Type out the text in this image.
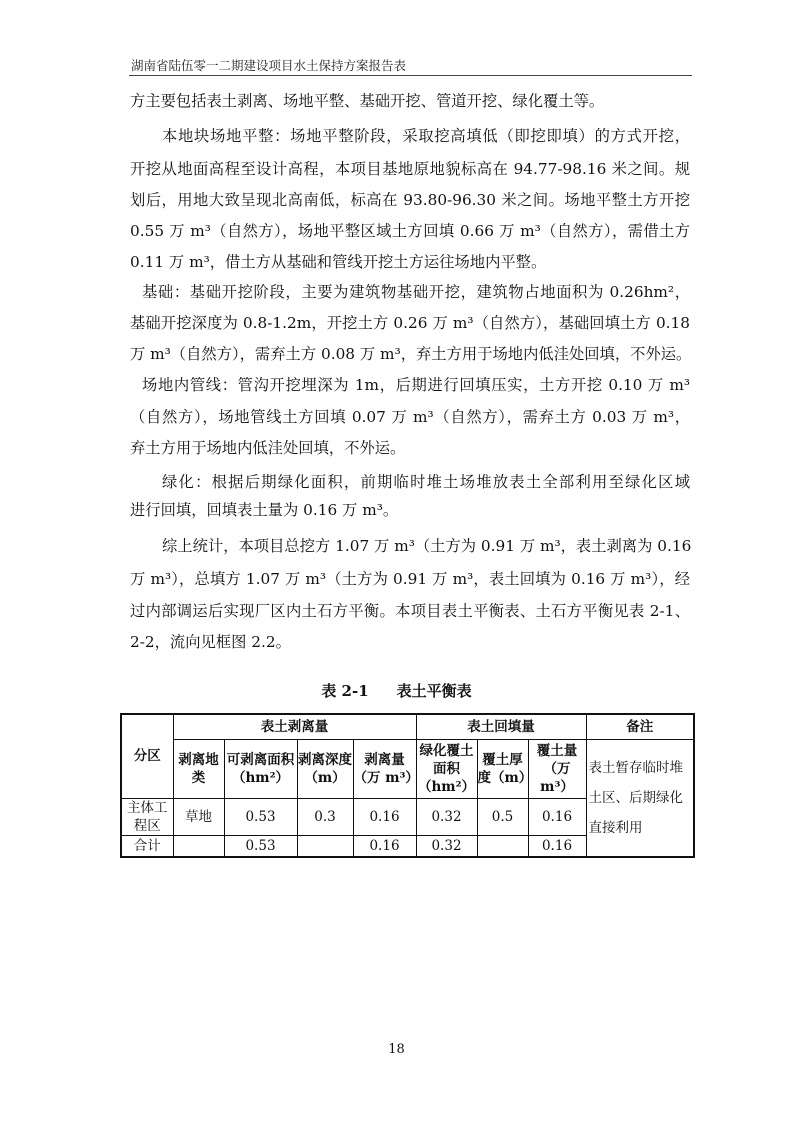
湖南省陆伍零一二期建设项目水土保持方案报告表
方主要包括表土剥离、场地平整、基础开挖、管道开挖、绿化覆土等。
本地块场地平整：场地平整阶段，采取挖高填低（即挖即填）的方式开挖，
开挖从地面高程至设计高程，本项目基地原地貌标高在 94.77-98.16 米之间。规
划后，用地大致呈现北高南低，标高在 93.80-96.30 米之间。场地平整土方开挖
0.55 万 m³（自然方），场地平整区域土方回填 0.66 万 m³（自然方），需借土方
0.11 万 m³，借土方从基础和管线开挖土方运往场地内平整。
基础：基础开挖阶段，主要为建筑物基础开挖，建筑物占地面积为 0.26hm²，
基础开挖深度为 0.8-1.2m，开挖土方 0.26 万 m³（自然方），基础回填土方 0.18
万 m³（自然方），需弃土方 0.08 万 m³，弃土方用于场地内低洼处回填，不外运。
场地内管线：管沟开挖埋深为 1m，后期进行回填压实，土方开挖 0.10 万 m³
（自然方），场地管线土方回填 0.07 万 m³（自然方），需弃土方 0.03 万 m³，
弃土方用于场地内低洼处回填，不外运。
绿化：根据后期绿化面积，前期临时堆土场堆放表土全部利用至绿化区域
进行回填，回填表土量为 0.16 万 m³。
综上统计，本项目总挖方 1.07 万 m³（土方为 0.91 万 m³，表土剥离为 0.16
万 m³），总填方 1.07 万 m³（土方为 0.91 万 m³，表土回填为 0.16 万 m³），经
过内部调运后实现厂区内土石方平衡。本项目表土平衡表、土石方平衡见表 2-1、
2-2，流向见框图 2.2。
表 2-1 表土平衡表
分区	表土剥离量				表土回填量			备注
	剥离地类	可剥离面积（hm²）	剥离深度（m）	剥离量（万 m³）	绿化覆土面积（hm²）	覆土厚度（m）	覆土量（万 m³）	表土暂存临时堆土区、后期绿化直接利用
主体工程区	草地	0.53	0.3	0.16	0.32	0.5	0.16	
合计		0.53		0.16	0.32		0.16	
18
